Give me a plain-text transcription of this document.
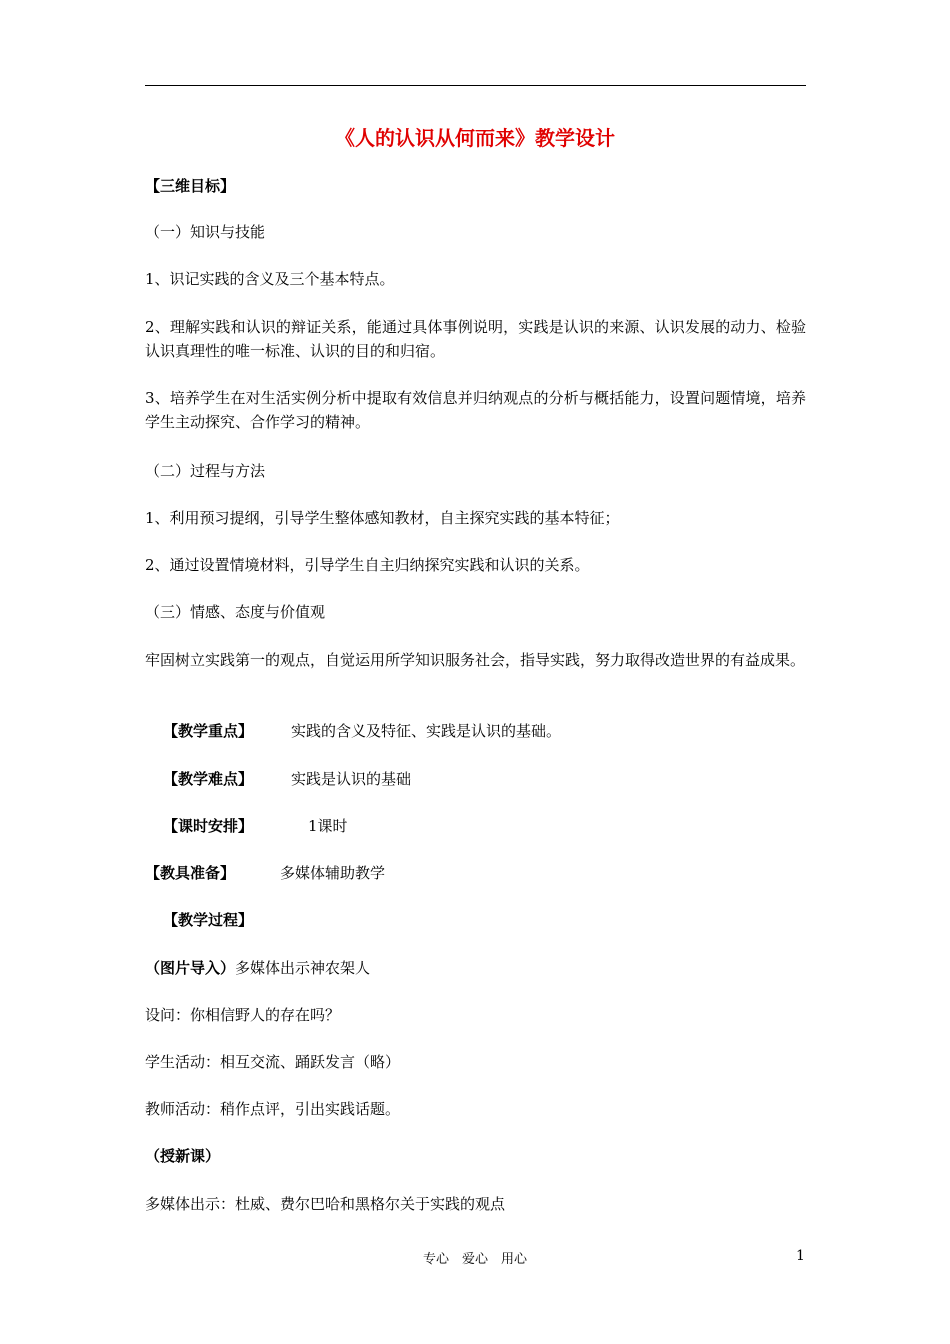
《人的认识从何而来》教学设计
【三维目标】
（一）知识与技能
1、识记实践的含义及三个基本特点。
2、理解实践和认识的辩证关系，能通过具体事例说明，实践是认识的来源、认识发展的动力、检验认识真理性的唯一标准、认识的目的和归宿。
3、培养学生在对生活实例分析中提取有效信息并归纳观点的分析与概括能力，设置问题情境，培养学生主动探究、合作学习的精神。
（二）过程与方法
1、利用预习提纲，引导学生整体感知教材，自主探究实践的基本特征；
2、通过设置情境材料，引导学生自主归纳探究实践和认识的关系。
（三）情感、态度与价值观
牢固树立实践第一的观点，自觉运用所学知识服务社会，指导实践，努力取得改造世界的有益成果。
【教学重点】	实践的含义及特征、实践是认识的基础。
【教学难点】	实践是认识的基础
【课时安排】	1课时
【教具准备】	多媒体辅助教学
【教学过程】
（图片导入）多媒体出示神农架人
设问：你相信野人的存在吗？
学生活动：相互交流、踊跃发言（略）
教师活动：稍作点评，引出实践话题。
（授新课）
多媒体出示：杜威、费尔巴哈和黑格尔关于实践的观点
专心　爱心　用心	1
